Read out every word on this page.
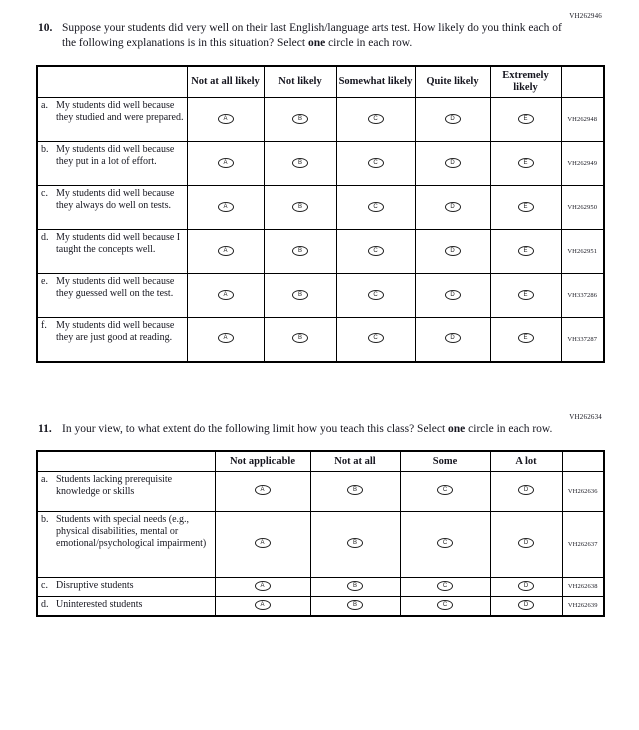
VH262946
10. Suppose your students did very well on their last English/language arts test. How likely do you think each of the following explanations is in this situation? Select one circle in each row.
	Not at all likely	Not likely	Somewhat likely	Quite likely	Extremely likely	

a. My students did well because they studied and were prepared.	A	B	C	D	E	VH262948

b. My students did well because they put in a lot of effort.	A	B	C	D	E	VH262949

c. My students did well because they always do well on tests.	A	B	C	D	E	VH262950

d. My students did well because I taught the concepts well.	A	B	C	D	E	VH262951

e. My students did well because they guessed well on the test.	A	B	C	D	E	VH337286

f. My students did well because they are just good at reading.	A	B	C	D	E	VH337287
VH262634
11. In your view, to what extent do the following limit how you teach this class? Select one circle in each row.
	Not applicable	Not at all	Some	A lot	

a. Students lacking prerequisite knowledge or skills	A	B	C	D	VH262636

b. Students with special needs (e.g., physical disabilities, mental or emotional/psychological impairment)	A	B	C	D	VH262637

c. Disruptive students	A	B	C	D	VH262638

d. Uninterested students	A	B	C	D	VH262639
